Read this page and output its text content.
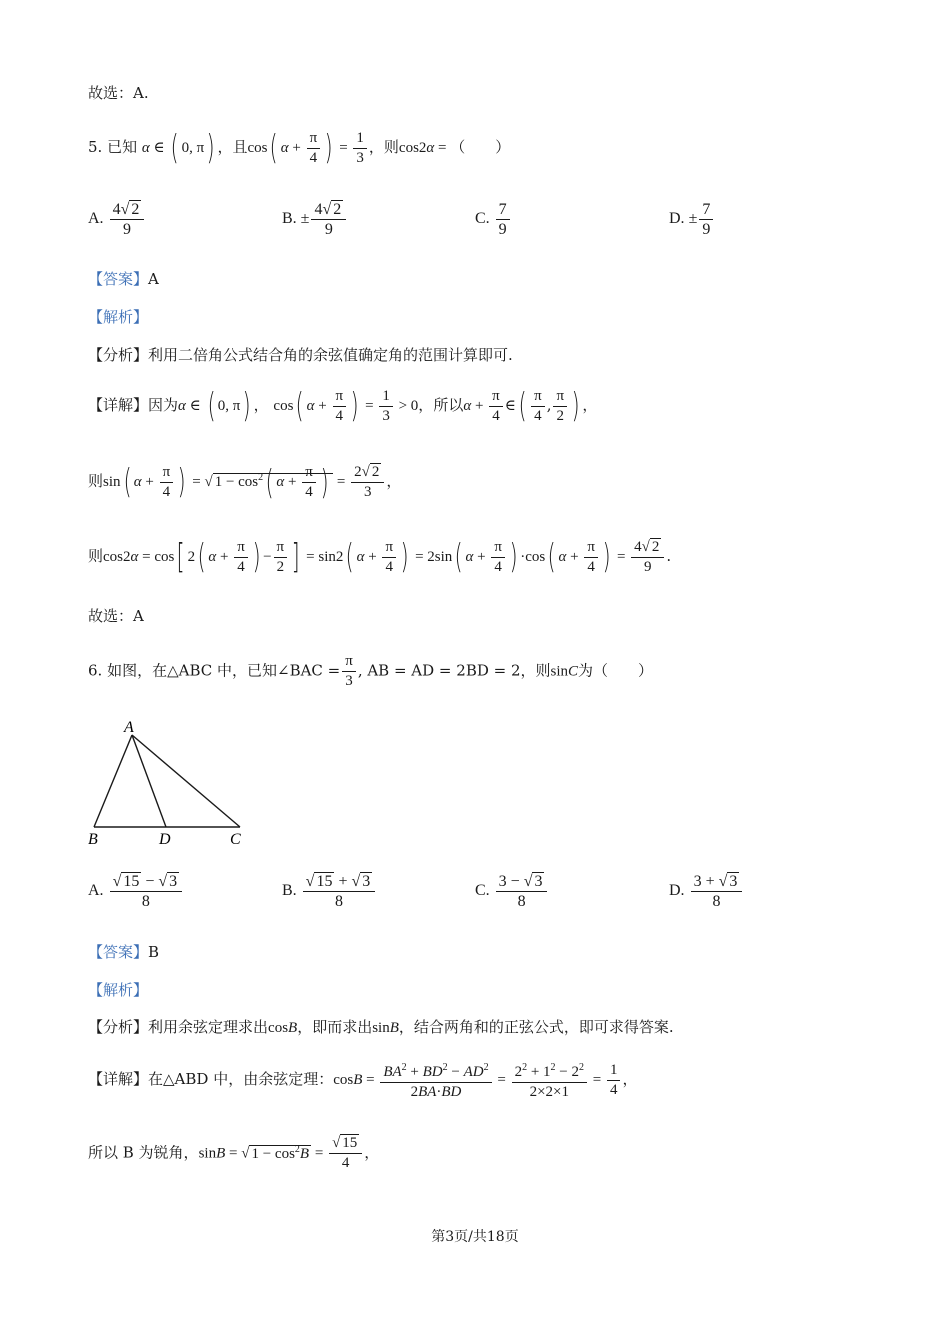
故选：A.
5. 已知 α ∈ ( 0, π) ，且cos( $\alpha + \frac{\pi}{4}$ ) = $\frac{1}{3}$ ，则cos2α = （　　）
A. $\frac{4√ 2}{9}$	B. ± $\frac{4√ 2}{9}$	C. $\frac{7}{9}$	D. ± $\frac{7}{9}$
【答案】A
【解析】
【分析】利用二倍角公式结合角的余弦值确定角的范围计算即可.
【详解】因为α ∈ ( 0, π) ， cos( $\alpha + \frac{\pi}{4}$ ) = $\frac{1}{3} > 0$，所以$\alpha + \frac{\pi}{4}$ ∈( $\frac{\pi}{4}$ , $\frac{\pi}{2}$ ) ，
则sin( $\alpha + \frac{\pi}{4}$ ) = √ $1 - \cos^2$( $\alpha + \frac{\pi}{4}$ ) = $\frac{2√ 2}{3}$ ，
则cos2α = cos[ 2( $\alpha + \frac{\pi}{4}$ ) − $\frac{\pi}{2}$ ] = sin2( $\alpha + \frac{\pi}{4}$ ) = 2sin( $\alpha + \frac{\pi}{4}$ ) ·cos( $\alpha + \frac{\pi}{4}$ ) = $\frac{4√ 2}{9}$ .
故选：A
6. 如图，在△ABC 中，已知∠BAC = $\frac{\pi}{3}$ , AB = AD = 2BD = 2，则sinC为（　　）
A
B	D	C
A. $\frac{√ 15 - √ 3}{8}$	B. $\frac{√ 15 + √ 3}{8}$	C. $\frac{3 - √ 3}{8}$	D. $\frac{3 + √ 3}{8}$
【答案】B
【解析】
【分析】利用余弦定理求出cosB，即而求出sinB，结合两角和的正弦公式，即可求得答案.
【详解】在△ABD 中，由余弦定理：$\cos B = \frac{BA^2 + BD^2 - AD^2}{2BA\cdot BD} = \frac{2^2 + 1^2 - 2^2}{2\times 2\times 1} = \frac{1}{4}$ ，
所以 B 为锐角，sinB = √ $1 - \cos^2B = \frac{√ 15}{4}$ ，
第3页/共18页
